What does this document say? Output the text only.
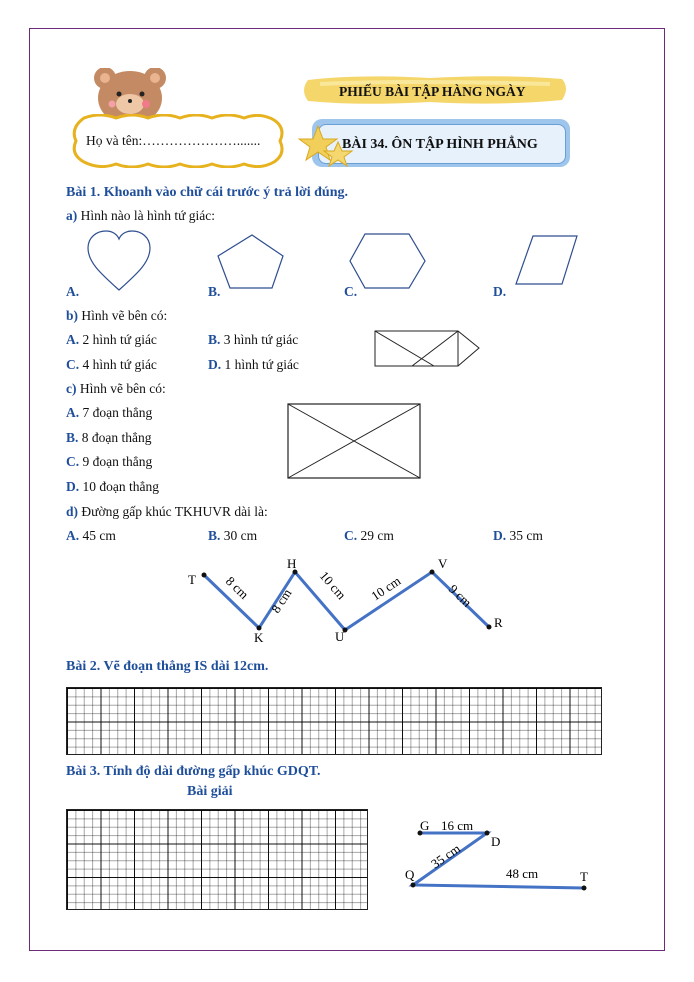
Họ và tên:………………….......
PHIẾU BÀI TẬP HÀNG NGÀY
BÀI 34. ÔN TẬP HÌNH PHẲNG
Bài 1. Khoanh vào chữ cái trước ý trả lời đúng.
a) Hình nào là hình tứ giác:
A.	B.	C.	D.
b) Hình vẽ bên có:
A. 2 hình tứ giác	B. 3 hình tứ giác
C. 4 hình tứ giác	D. 1 hình tứ giác
c) Hình vẽ bên có:
A. 7 đoạn thẳng
B. 8 đoạn thẳng
C. 9 đoạn thẳng
D. 10 đoạn thẳng
d) Đường gấp khúc TKHUVR dài là:
A. 45 cm	B. 30 cm	C. 29 cm	D. 35 cm
T
K
H
U
V
R
8 cm 8 cm 10 cm 10 cm	9 cm
Bài 2. Vẽ đoạn thẳng IS dài 12cm.
Bài 3. Tính độ dài đường gấp khúc GDQT.
Bài giải
G
D
Q	T
16 cm
35 cm
48 cm
